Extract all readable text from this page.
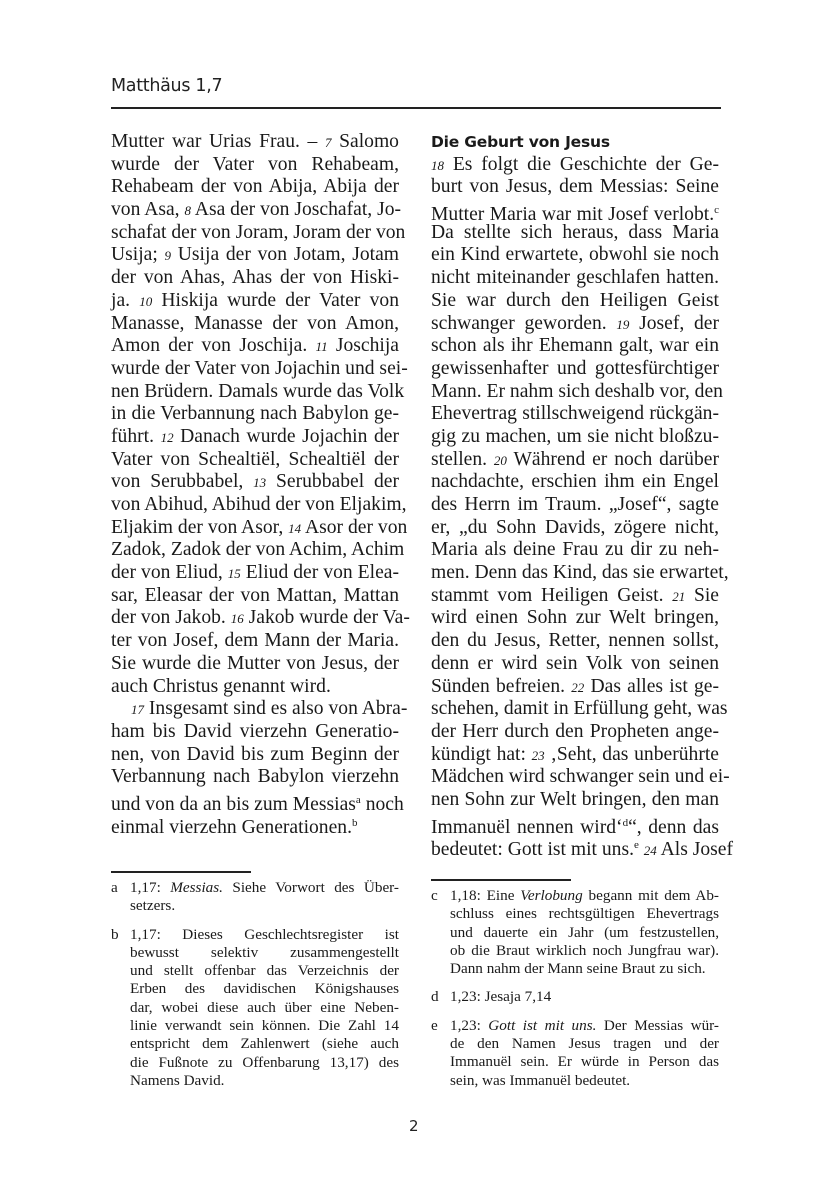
Matthäus 1,7
Mutter war Urias Frau. – 7 Salomo
wurde der Vater von Rehabeam,
Rehabeam der von Abija, Abija der
von Asa, 8 Asa der von Joschafat, Jo-
schafat der von Joram, Joram der von
Usija; 9 Usija der von Jotam, Jotam
der von Ahas, Ahas der von Hiski-
ja. 10 Hiskija wurde der Vater von
Manasse, Manasse der von Amon,
Amon der von Joschija. 11 Joschija
wurde der Vater von Jojachin und sei-
nen Brüdern. Damals wurde das Volk
in die Verbannung nach Babylon ge-
führt. 12 Danach wurde Jojachin der
Vater von Schealtiël, Schealtiël der
von Serubbabel, 13 Serubbabel der
von Abihud, Abihud der von Eljakim,
Eljakim der von Asor, 14 Asor der von
Zadok, Zadok der von Achim, Achim
der von Eliud, 15 Eliud der von Elea-
sar, Eleasar der von Mattan, Mattan
der von Jakob. 16 Jakob wurde der Va-
ter von Josef, dem Mann der Maria.
Sie wurde die Mutter von Jesus, der
auch Christus genannt wird.
17 Insgesamt sind es also von Abra-
ham bis David vierzehn Generatio-
nen, von David bis zum Beginn der
Verbannung nach Babylon vierzehn
und von da an bis zum Messias$^a$ noch
einmal vierzehn Generationen.$^b$
Die Geburt von Jesus
18 Es folgt die Geschichte der Ge-
burt von Jesus, dem Messias: Seine
Mutter Maria war mit Josef verlobt.$^c$
Da stellte sich heraus, dass Maria
ein Kind erwartete, obwohl sie noch
nicht miteinander geschlafen hatten.
Sie war durch den Heiligen Geist
schwanger geworden. 19 Josef, der
schon als ihr Ehemann galt, war ein
gewissenhafter und gottesfürchtiger
Mann. Er nahm sich deshalb vor, den
Ehevertrag stillschweigend rückgän-
gig zu machen, um sie nicht bloßzu-
stellen. 20 Während er noch darüber
nachdachte, erschien ihm ein Engel
des Herrn im Traum. „Josef“, sagte
er, „du Sohn Davids, zögere nicht,
Maria als deine Frau zu dir zu neh-
men. Denn das Kind, das sie erwartet,
stammt vom Heiligen Geist. 21 Sie
wird einen Sohn zur Welt bringen,
den du Jesus, Retter, nennen sollst,
denn er wird sein Volk von seinen
Sünden befreien. 22 Das alles ist ge-
schehen, damit in Erfüllung geht, was
der Herr durch den Propheten ange-
kündigt hat: 23 ‚Seht, das unberührte
Mädchen wird schwanger sein und ei-
nen Sohn zur Welt bringen, den man
Immanuël nennen wird‘$^d$“, denn das
bedeutet: Gott ist mit uns.$^e$ 24 Als Josef
a 1,17: Messias. Siehe Vorwort des Über-
setzers.
b 1,17: Dieses Geschlechtsregister ist
bewusst selektiv zusammengestellt
und stellt offenbar das Verzeichnis der
Erben des davidischen Königshauses
dar, wobei diese auch über eine Neben-
linie verwandt sein können. Die Zahl 14
entspricht dem Zahlenwert (siehe auch
die Fußnote zu Offenbarung 13,17) des
Namens David.
c 1,18: Eine Verlobung begann mit dem Ab-
schluss eines rechtsgültigen Ehevertrags
und dauerte ein Jahr (um festzustellen,
ob die Braut wirklich noch Jungfrau war).
Dann nahm der Mann seine Braut zu sich.
d 1,23: Jesaja 7,14
e 1,23: Gott ist mit uns. Der Messias wür-
de den Namen Jesus tragen und der
Immanuël sein. Er würde in Person das
sein, was Immanuël bedeutet.
2
